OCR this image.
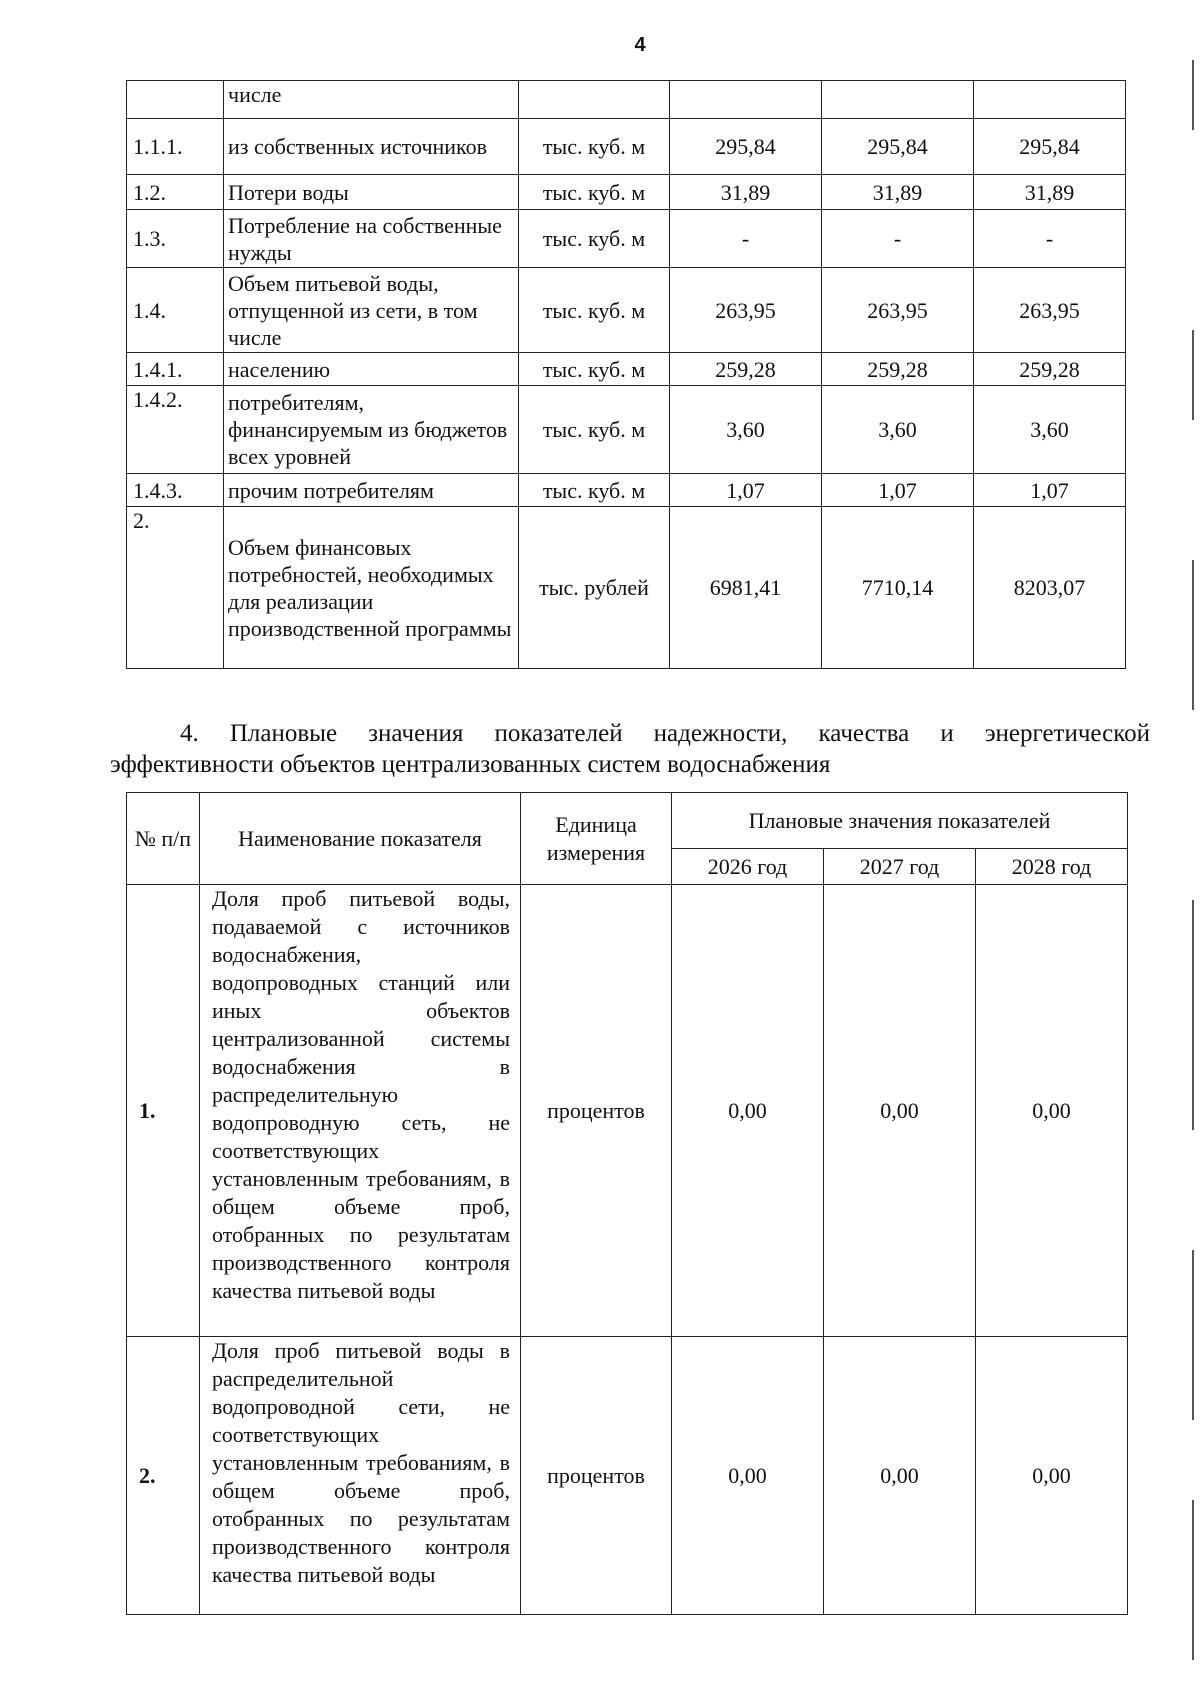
4
	числе				
1.1.1.	из собственных источников	тыс. куб. м	295,84	295,84	295,84
1.2.	Потери воды	тыс. куб. м	31,89	31,89	31,89
1.3.	Потребление на собственные нужды	тыс. куб. м	-	-	-
1.4.	Объем питьевой воды, отпущенной из сети, в том числе	тыс. куб. м	263,95	263,95	263,95
1.4.1.	населению	тыс. куб. м	259,28	259,28	259,28
1.4.2.	потребителям, финансируемым из бюджетов всех уровней	тыс. куб. м	3,60	3,60	3,60
1.4.3.	прочим потребителям	тыс. куб. м	1,07	1,07	1,07
2.	Объем финансовых потребностей, необходимых для реализации производственной программы	тыс. рублей	6981,41	7710,14	8203,07
4. Плановые значения показателей надежности, качества и энергетической
эффективности объектов централизованных систем водоснабжения
№ п/п	Наименование показателя	Единица измерения	Плановые значения показателей		
			2026 год	2027 год	2028 год
1.	Доля проб питьевой воды, подаваемой с источников водоснабжения, водопроводных станций или иных объектов централизованной системы водоснабжения в распределительную водопроводную сеть, не соответствующих установленным требованиям, в общем объеме проб, отобранных по результатам производственного контроля качества питьевой воды	процентов	0,00	0,00	0,00
2.	Доля проб питьевой воды в распределительной водопроводной сети, не соответствующих установленным требованиям, в общем объеме проб, отобранных по результатам производственного контроля качества питьевой воды	процентов	0,00	0,00	0,00
